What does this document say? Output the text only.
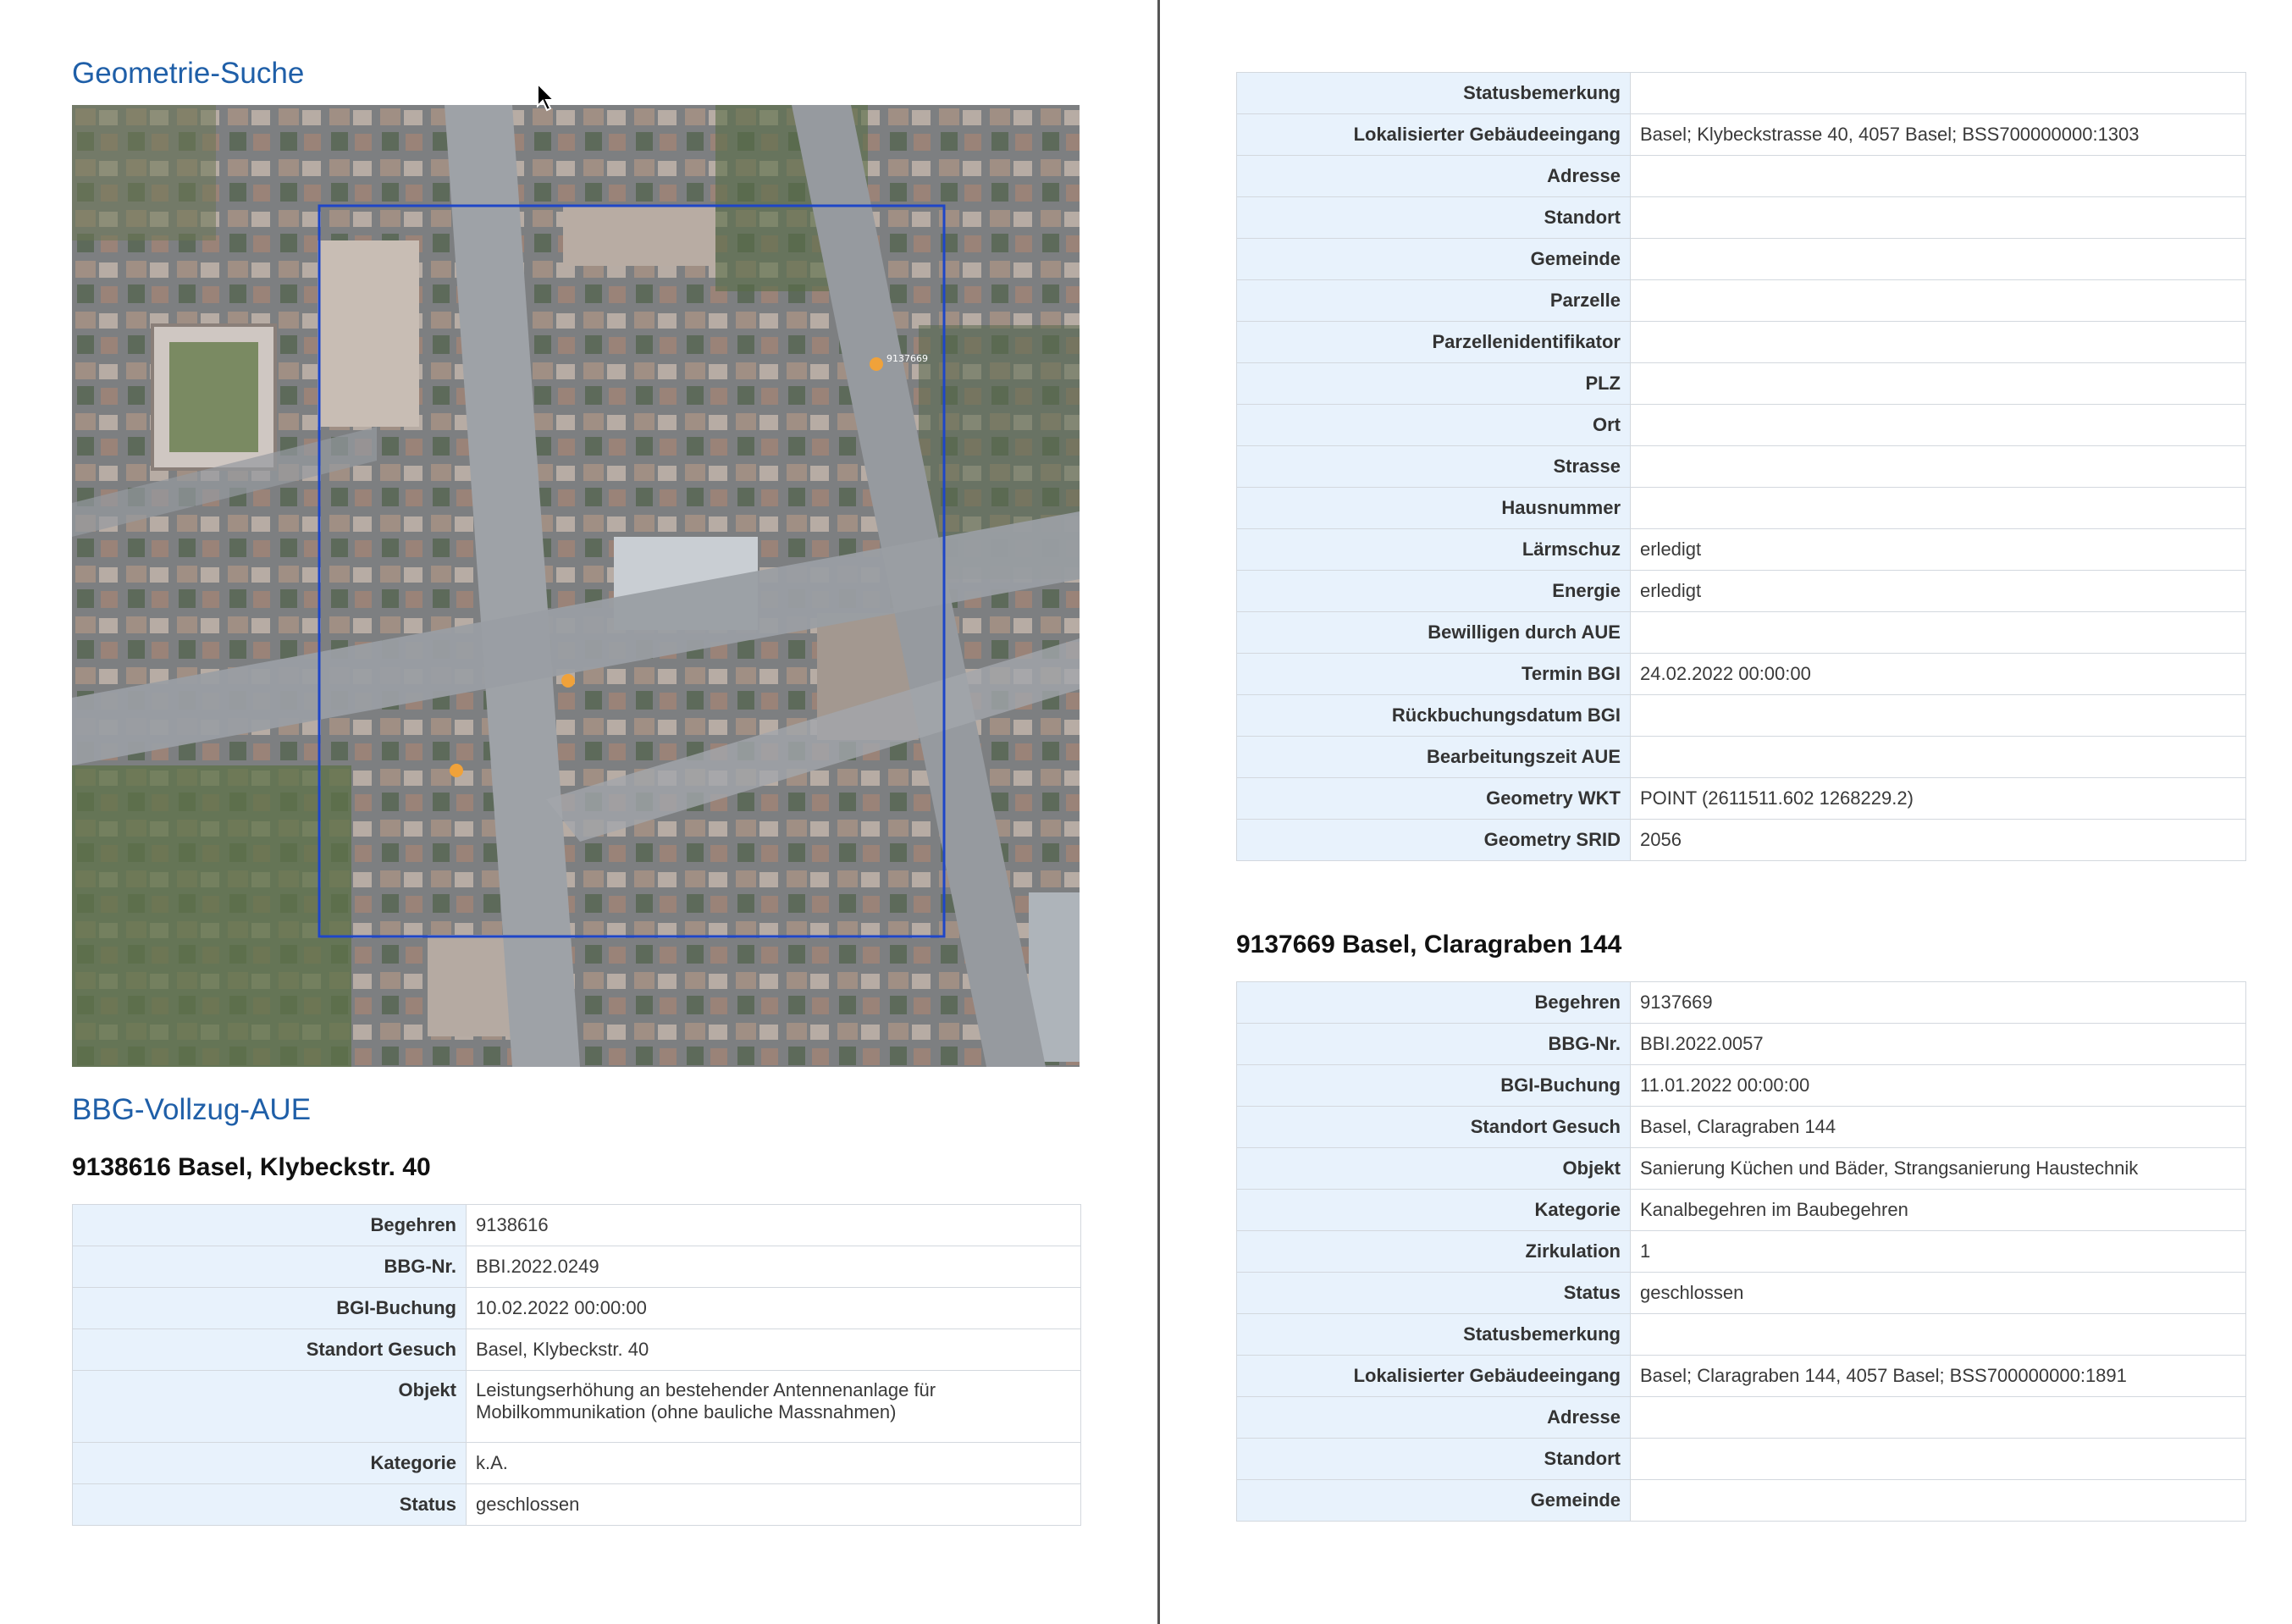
Geometrie-Suche
9137669
BBG-Vollzug-AUE
9138616 Basel, Klybeckstr. 40
Begehren	9138616
BBG-Nr.	BBI.2022.0249
BGI-Buchung	10.02.2022 00:00:00
Standort Gesuch	Basel, Klybeckstr. 40
Objekt	Leistungserhöhung an bestehender Antennenanlage für Mobilkommunikation (ohne bauliche Massnahmen)
Kategorie	k.A.
Status	geschlossen
Statusbemerkung	
Lokalisierter Gebäudeeingang	Basel; Klybeckstrasse 40, 4057 Basel; BSS700000000:1303
Adresse	
Standort	
Gemeinde	
Parzelle	
Parzellenidentifikator	
PLZ	
Ort	
Strasse	
Hausnummer	
Lärmschuz	erledigt
Energie	erledigt
Bewilligen durch AUE	
Termin BGI	24.02.2022 00:00:00
Rückbuchungsdatum BGI	
Bearbeitungszeit AUE	
Geometry WKT	POINT (2611511.602 1268229.2)
Geometry SRID	2056
9137669 Basel, Claragraben 144
Begehren	9137669
BBG-Nr.	BBI.2022.0057
BGI-Buchung	11.01.2022 00:00:00
Standort Gesuch	Basel, Claragraben 144
Objekt	Sanierung Küchen und Bäder, Strangsanierung Haustechnik
Kategorie	Kanalbegehren im Baubegehren
Zirkulation	1
Status	geschlossen
Statusbemerkung	
Lokalisierter Gebäudeeingang	Basel; Claragraben 144, 4057 Basel; BSS700000000:1891
Adresse	
Standort	
Gemeinde	
